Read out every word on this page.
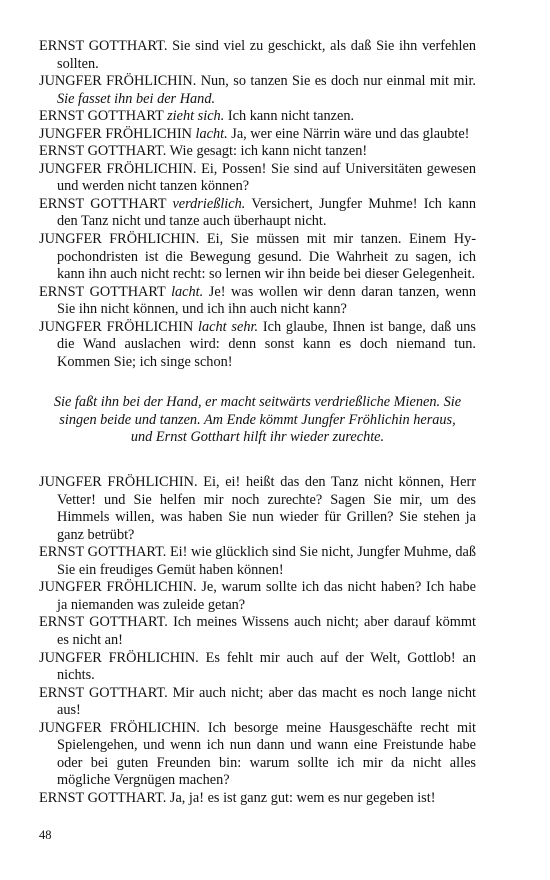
ERNST GOTTHART. Sie sind viel zu geschickt, als daß Sie ihn verfehlen sollten.

JUNGFER FRÖHLICHIN. Nun, so tanzen Sie es doch nur einmal mit mir. Sie fasset ihn bei der Hand.

ERNST GOTTHART zieht sich. Ich kann nicht tanzen.

JUNGFER FRÖHLICHIN lacht. Ja, wer eine Närrin wäre und das glaubte!

ERNST GOTTHART. Wie gesagt: ich kann nicht tanzen!

JUNGFER FRÖHLICHIN. Ei, Possen! Sie sind auf Universitäten gewesen und werden nicht tanzen können?

ERNST GOTTHART verdrießlich. Versichert, Jungfer Muhme! Ich kann den Tanz nicht und tanze auch überhaupt nicht.

JUNGFER FRÖHLICHIN. Ei, Sie müssen mit mir tanzen. Einem Hypochondristen ist die Bewegung gesund. Die Wahrheit zu sagen, ich kann ihn auch nicht recht: so lernen wir ihn beide bei dieser Gelegenheit.

ERNST GOTTHART lacht. Je! was wollen wir denn daran tanzen, wenn Sie ihn nicht können, und ich ihn auch nicht kann?

JUNGFER FRÖHLICHIN lacht sehr. Ich glaube, Ihnen ist bange, daß uns die Wand auslachen wird: denn sonst kann es doch niemand tun. Kommen Sie; ich singe schon!

Sie faßt ihn bei der Hand, er macht seitwärts verdrießliche Mienen. Sie singen beide und tanzen. Am Ende kömmt Jungfer Fröhlichin heraus, und Ernst Gotthart hilft ihr wieder zurechte.

JUNGFER FRÖHLICHIN. Ei, ei! heißt das den Tanz nicht können, Herr Vetter! und Sie helfen mir noch zurechte? Sagen Sie mir, um des Himmels willen, was haben Sie nun wieder für Grillen? Sie stehen ja ganz betrübt?

ERNST GOTTHART. Ei! wie glücklich sind Sie nicht, Jungfer Muhme, daß Sie ein freudiges Gemüt haben können!

JUNGFER FRÖHLICHIN. Je, warum sollte ich das nicht haben? Ich habe ja niemanden was zuleide getan?

ERNST GOTTHART. Ich meines Wissens auch nicht; aber darauf kömmt es nicht an!

JUNGFER FRÖHLICHIN. Es fehlt mir auch auf der Welt, Gottlob! an nichts.

ERNST GOTTHART. Mir auch nicht; aber das macht es noch lange nicht aus!

JUNGFER FRÖHLICHIN. Ich besorge meine Hausgeschäfte recht mit Spielengehen, und wenn ich nun dann und wann eine Freistunde habe oder bei guten Freunden bin: warum sollte ich mir da nicht alles mögliche Vergnügen machen?

ERNST GOTTHART. Ja, ja! es ist ganz gut: wem es nur gegeben ist!

48
